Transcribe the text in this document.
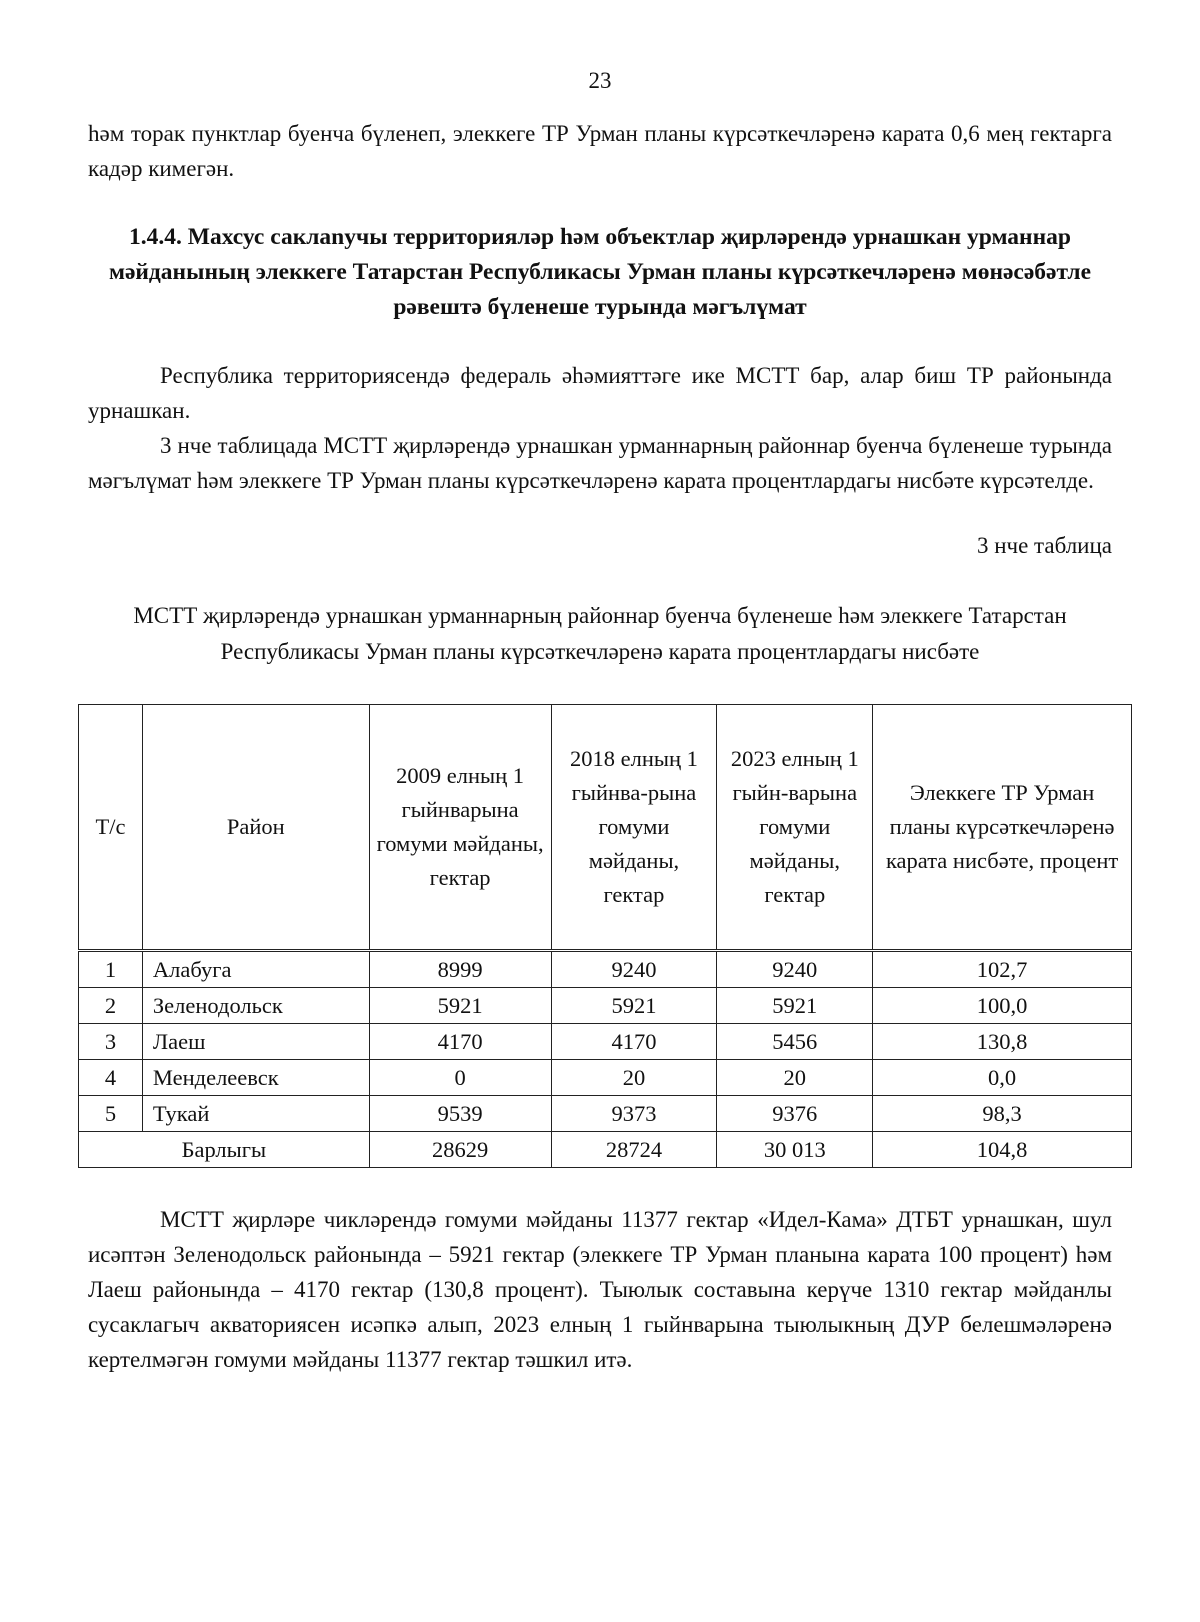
23
һәм торак пунктлар буенча бүленеп, элеккеге ТР Урман планы күрсәткечләренә карата 0,6 мең гектарга кадәр кимегән.
1.4.4. Махсус саклanучы территорияләр һәм объектлар җирләрендә урнашкан урманнар мәйданының элеккеге Татарстан Республикасы Урман планы күрсәткечләренә мөнәсәбәтле рәвештә бүленеше турында мәгълүмат
Республика территориясендә федераль әһәмияттәге ике МСТТ бар, алар биш ТР районында урнашкан.
3 нче таблицада МСТТ җирләрендә урнашкан урманнарның районнар буенча бүленеше турында мәгълүмат һәм элеккеге ТР Урман планы күрсәткечләренә карата процентлардагы нисбәте күрсәтелде.
3 нче таблица
МСТТ җирләрендә урнашкан урманнарның районнар буенча бүленеше һәм элеккеге Татарстан Республикасы Урман планы күрсәткечләренә карата процентлардагы нисбәте
Т/с	Район	2009 елның 1 гыйнварына гомуми мәйданы, гектар	2018 елның 1 гыйнва-рына гомуми мәйданы, гектар	2023 елның 1 гыйн-варына гомуми мәйданы, гектар	Элеккеге ТР Урман планы күрсәткечләренә карата нисбәте, процент
1	Алабуга	8999	9240	9240	102,7
2	Зеленодольск	5921	5921	5921	100,0
3	Лаеш	4170	4170	5456	130,8
4	Менделеевск	0	20	20	0,0
5	Тукай	9539	9373	9376	98,3
Барлыгы		28629	28724	30 013	104,8
МСТТ җирләре чикләрендә гомуми мәйданы 11377 гектар «Идел-Кама» ДТБТ урнашкан, шул исәптән Зеленодольск районында – 5921 гектар (элеккеге ТР Урман планына карата 100 процент) һәм Лаеш районында – 4170 гектар (130,8 процент). Тыюлык составына керүче 1310 гектар мәйданлы сусаклагыч акваториясен исәпкә алып, 2023 елның 1 гыйнварына тыюлыкның ДУР белешмәләренә кертелмәгән гомуми мәйданы 11377 гектар тәшкил итә.
